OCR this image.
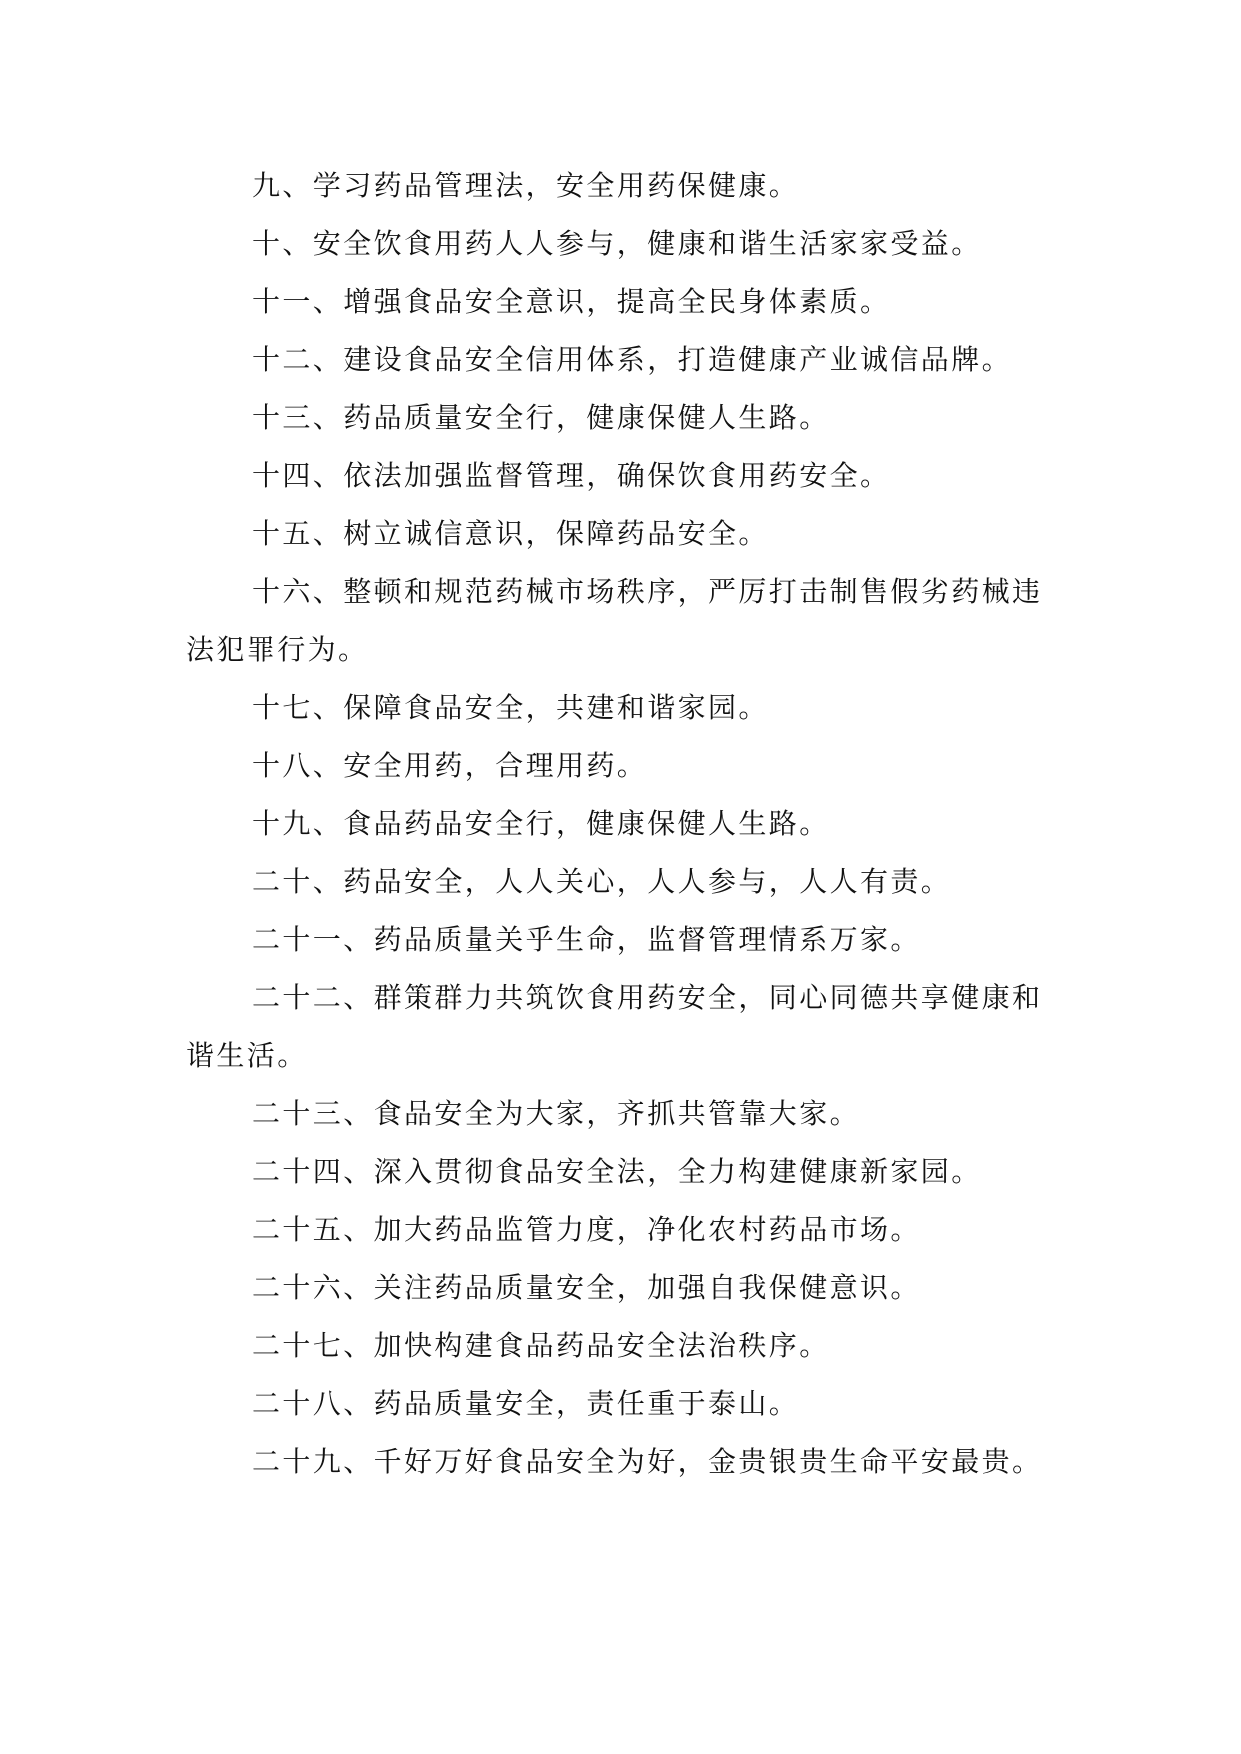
九、学习药品管理法，安全用药保健康。

十、安全饮食用药人人参与，健康和谐生活家家受益。

十一、增强食品安全意识，提高全民身体素质。

十二、建设食品安全信用体系，打造健康产业诚信品牌。

十三、药品质量安全行，健康保健人生路。

十四、依法加强监督管理，确保饮食用药安全。

十五、树立诚信意识，保障药品安全。

十六、整顿和规范药械市场秩序，严厉打击制售假劣药械违法犯罪行为。

十七、保障食品安全，共建和谐家园。

十八、安全用药，合理用药。

十九、食品药品安全行，健康保健人生路。

二十、药品安全，人人关心，人人参与，人人有责。

二十一、药品质量关乎生命，监督管理情系万家。

二十二、群策群力共筑饮食用药安全，同心同德共享健康和谐生活。

二十三、食品安全为大家，齐抓共管靠大家。

二十四、深入贯彻食品安全法，全力构建健康新家园。

二十五、加大药品监管力度，净化农村药品市场。

二十六、关注药品质量安全，加强自我保健意识。

二十七、加快构建食品药品安全法治秩序。

二十八、药品质量安全，责任重于泰山。

二十九、千好万好食品安全为好，金贵银贵生命平安最贵。
